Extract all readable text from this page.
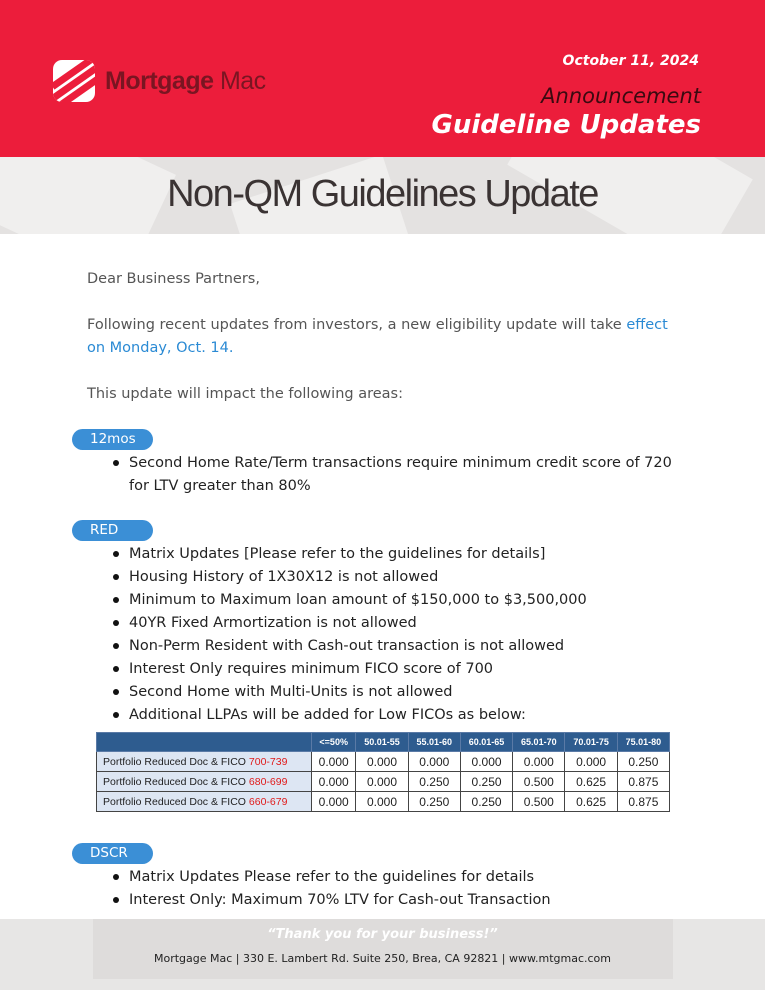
Mortgage Mac
October 11, 2024
Announcement
Guideline Updates
Non-QM Guidelines Update
Dear Business Partners,
Following recent updates from investors, a new eligibility update will take effect on Monday, Oct. 14.
This update will impact the following areas:
12mos
Second Home Rate/Term transactions require minimum credit score of 720 for LTV greater than 80%
RED
Matrix Updates [Please refer to the guidelines for details]
Housing History of 1X30X12 is not allowed
Minimum to Maximum loan amount of $150,000 to $3,500,000
40YR Fixed Armortization is not allowed
Non-Perm Resident with Cash-out transaction is not allowed
Interest Only requires minimum FICO score of 700
Second Home with Multi-Units is not allowed
Additional LLPAs will be added for Low FICOs as below:
	<=50%	50.01-55	55.01-60	60.01-65	65.01-70	70.01-75	75.01-80
Portfolio Reduced Doc & FICO 700-739	0.000	0.000	0.000	0.000	0.000	0.000	0.250
Portfolio Reduced Doc & FICO 680-699	0.000	0.000	0.250	0.250	0.500	0.625	0.875
Portfolio Reduced Doc & FICO 660-679	0.000	0.000	0.250	0.250	0.500	0.625	0.875
DSCR
Matrix Updates Please refer to the guidelines for details
Interest Only: Maximum 70% LTV for Cash-out Transaction
“Thank you for your business!”
Mortgage Mac | 330 E. Lambert Rd. Suite 250, Brea, CA 92821 | www.mtgmac.com
